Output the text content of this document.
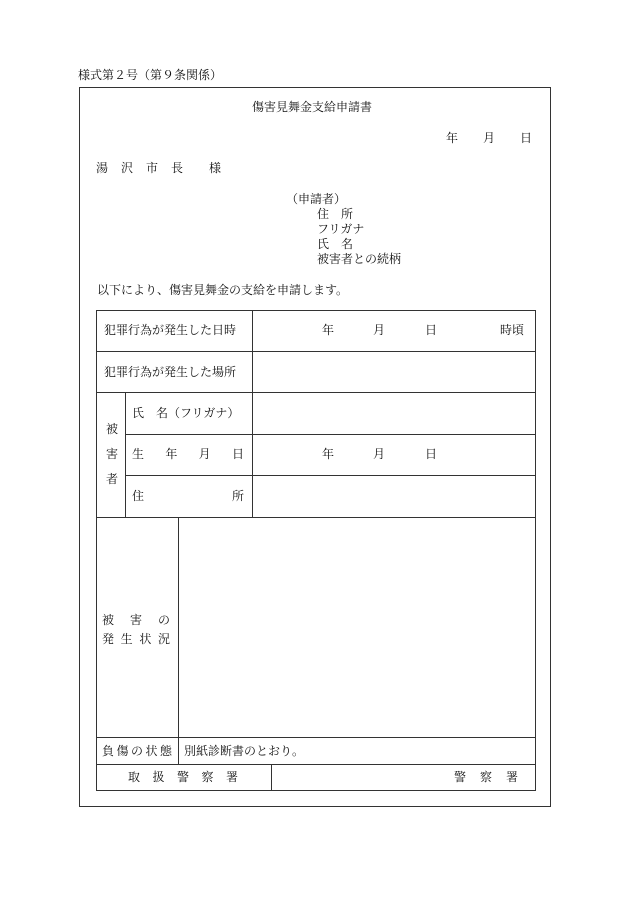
様式第２号（第９条関係）
傷害見舞金支給申請書
年 月 日
湯 沢 市 長 様
（申請者）
住　所
フリガナ
氏　名
被害者との続柄
以下により、傷害見舞金の支給を申請します。
犯罪行為が発生した日時	年	月	日	時頃
犯罪行為が発生した場所
被
害
者
氏　名（フリガナ）
生 年 月 日	年	月	日
住	所
被 害 の
発 生 状 況
負 傷 の 状 態 別紙診断書のとおり。
取 扱 警 察 署	警 察 署
